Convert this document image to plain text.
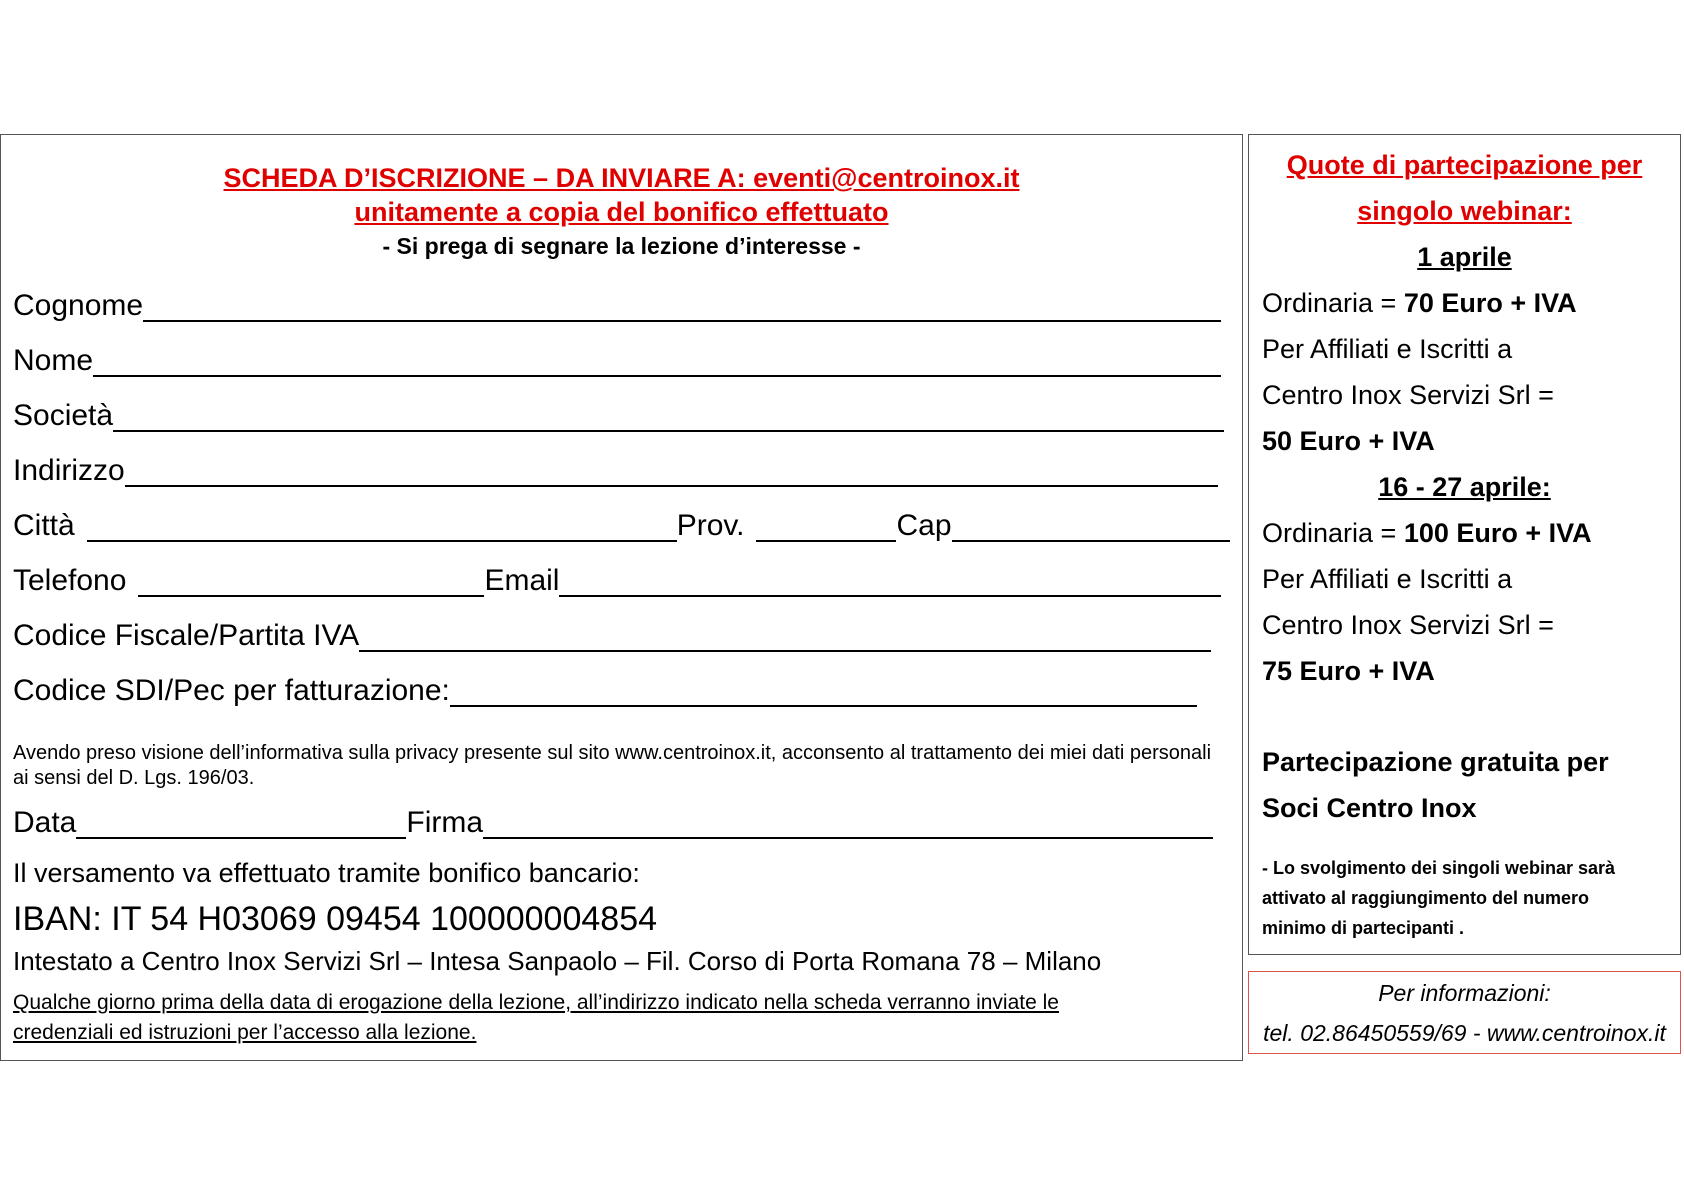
SCHEDA D’ISCRIZIONE – DA INVIARE A: eventi@centroinox.it
unitamente a copia del bonifico effettuato
- Si prega di segnare la lezione d’interesse -
Cognome
Nome
Società
Indirizzo
Città	Prov.	Cap
Telefono	Email
Codice Fiscale/Partita IVA
Codice SDI/Pec per fatturazione:
Avendo preso visione dell’informativa sulla privacy presente sul sito www.centroinox.it, acconsento al trattamento dei miei dati personali ai sensi del D. Lgs. 196/03.
Data	Firma
Il versamento va effettuato tramite bonifico bancario:
IBAN: IT 54 H03069 09454 100000004854
Intestato a Centro Inox Servizi Srl – Intesa Sanpaolo – Fil. Corso di Porta Romana 78 – Milano
Qualche giorno prima della data di erogazione della lezione, all’indirizzo indicato nella scheda verranno inviate le
credenziali ed istruzioni per l’accesso alla lezione.
Quote di partecipazione per
singolo webinar:
1 aprile
Ordinaria = 70 Euro + IVA
Per Affiliati e Iscritti a
Centro Inox Servizi Srl =
50 Euro + IVA
16 - 27 aprile:
Ordinaria = 100 Euro + IVA
Per Affiliati e Iscritti a
Centro Inox Servizi Srl =
75 Euro + IVA
Partecipazione gratuita per
Soci Centro Inox
- Lo svolgimento dei singoli webinar sarà
attivato al raggiungimento del numero
minimo di partecipanti .
Per informazioni:
tel. 02.86450559/69 - www.centroinox.it
